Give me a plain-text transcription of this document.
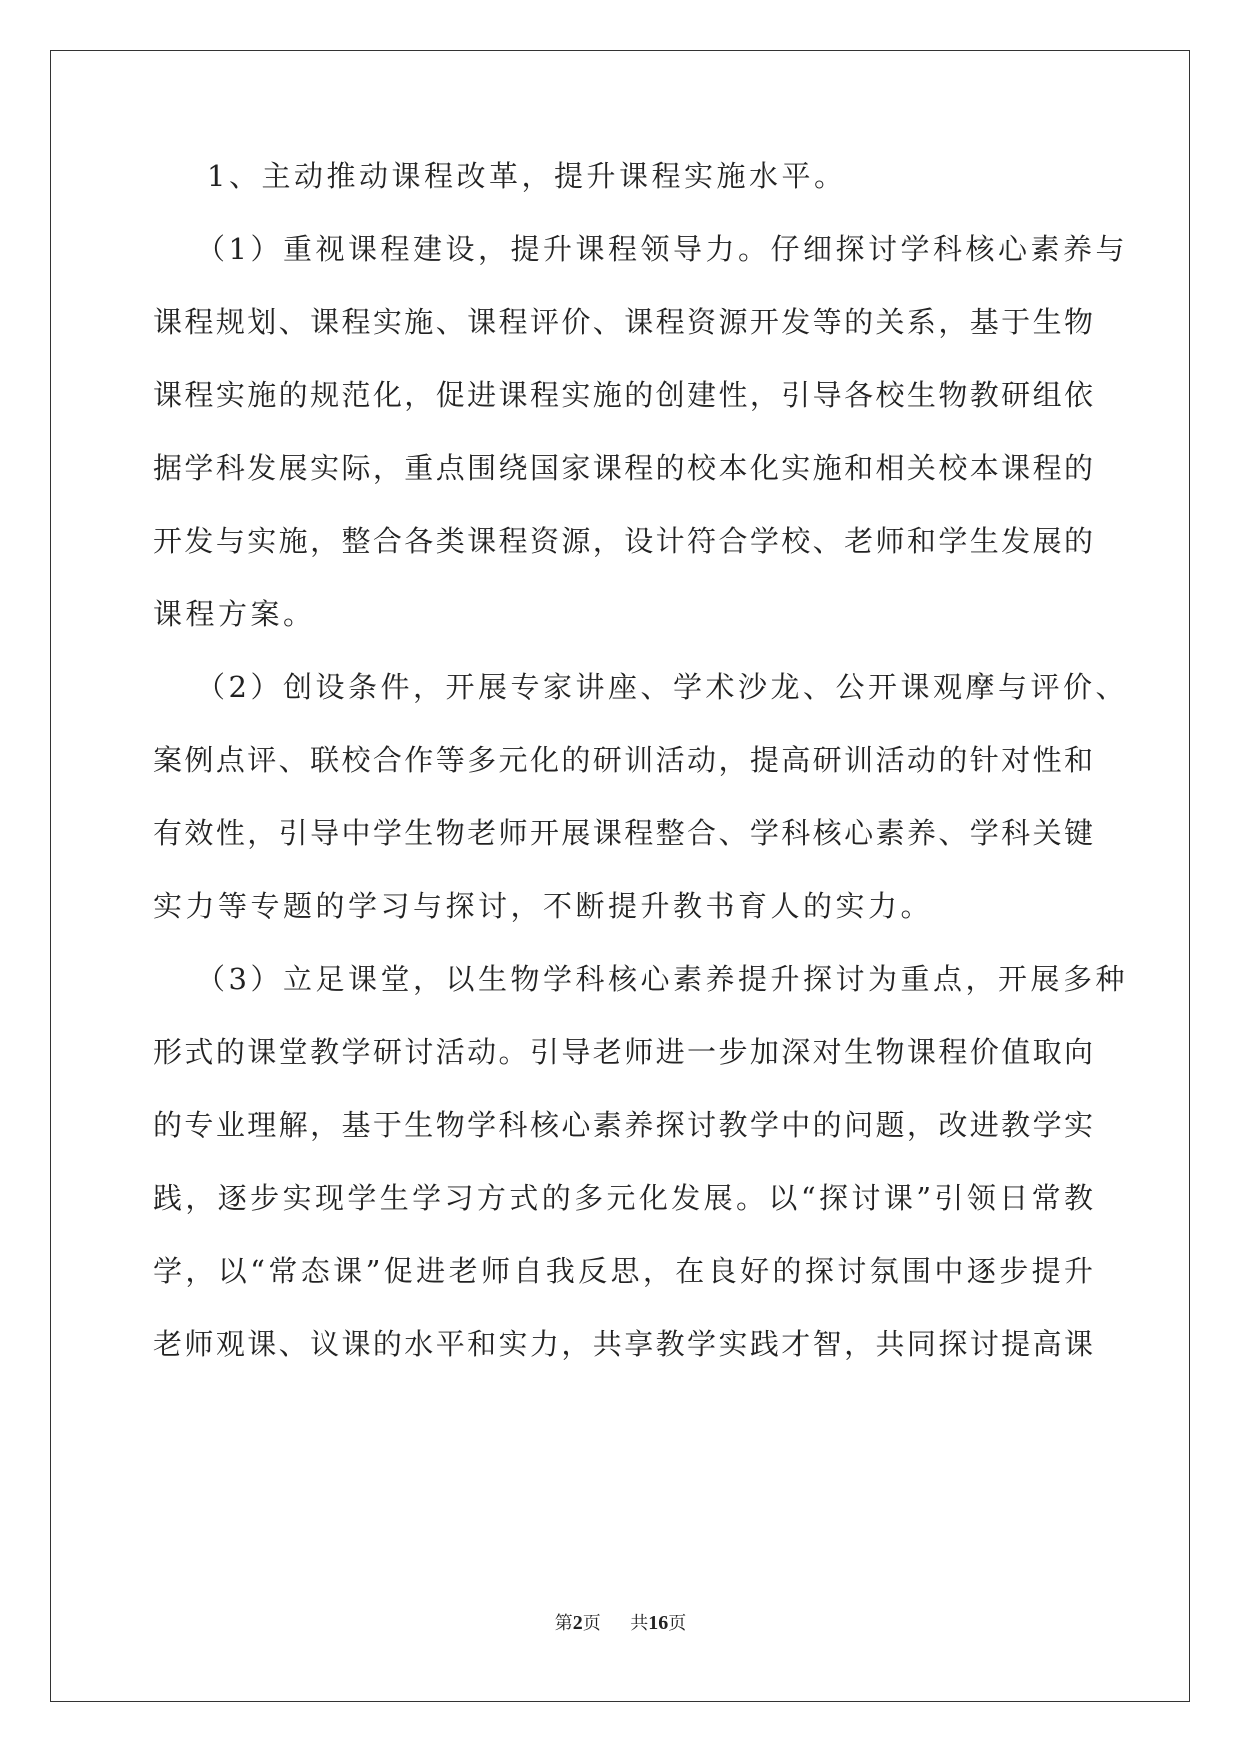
1、主动推动课程改革，提升课程实施水平。
（1）重视课程建设，提升课程领导力。仔细探讨学科核心素养与
课程规划、课程实施、课程评价、课程资源开发等的关系，基于生物
课程实施的规范化，促进课程实施的创建性，引导各校生物教研组依
据学科发展实际，重点围绕国家课程的校本化实施和相关校本课程的
开发与实施，整合各类课程资源，设计符合学校、老师和学生发展的
课程方案。
（2）创设条件，开展专家讲座、学术沙龙、公开课观摩与评价、
案例点评、联校合作等多元化的研训活动，提高研训活动的针对性和
有效性，引导中学生物老师开展课程整合、学科核心素养、学科关键
实力等专题的学习与探讨，不断提升教书育人的实力。
（3）立足课堂，以生物学科核心素养提升探讨为重点，开展多种
形式的课堂教学研讨活动。引导老师进一步加深对生物课程价值取向
的专业理解，基于生物学科核心素养探讨教学中的问题，改进教学实
践，逐步实现学生学习方式的多元化发展。以“探讨课”引领日常教
学，以“常态课”促进老师自我反思，在良好的探讨氛围中逐步提升
老师观课、议课的水平和实力，共享教学实践才智，共同探讨提高课
第2页 共16页
